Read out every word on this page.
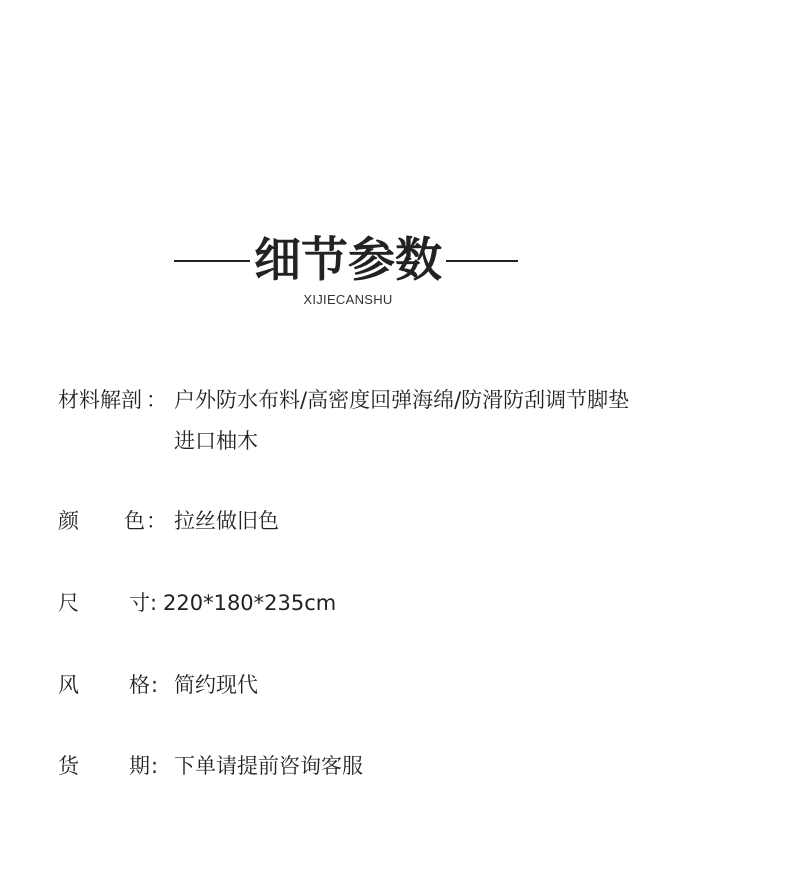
细节参数
XIJIECANSHU
材料解剖 ： 户外防水布料/高密度回弹海绵/防滑防刮调节脚垫
进口柚木
颜 色 ： 拉丝做旧色
尺 寸 : 220*180*235cm
风 格 : 简约现代
货 期 : 下单请提前咨询客服
